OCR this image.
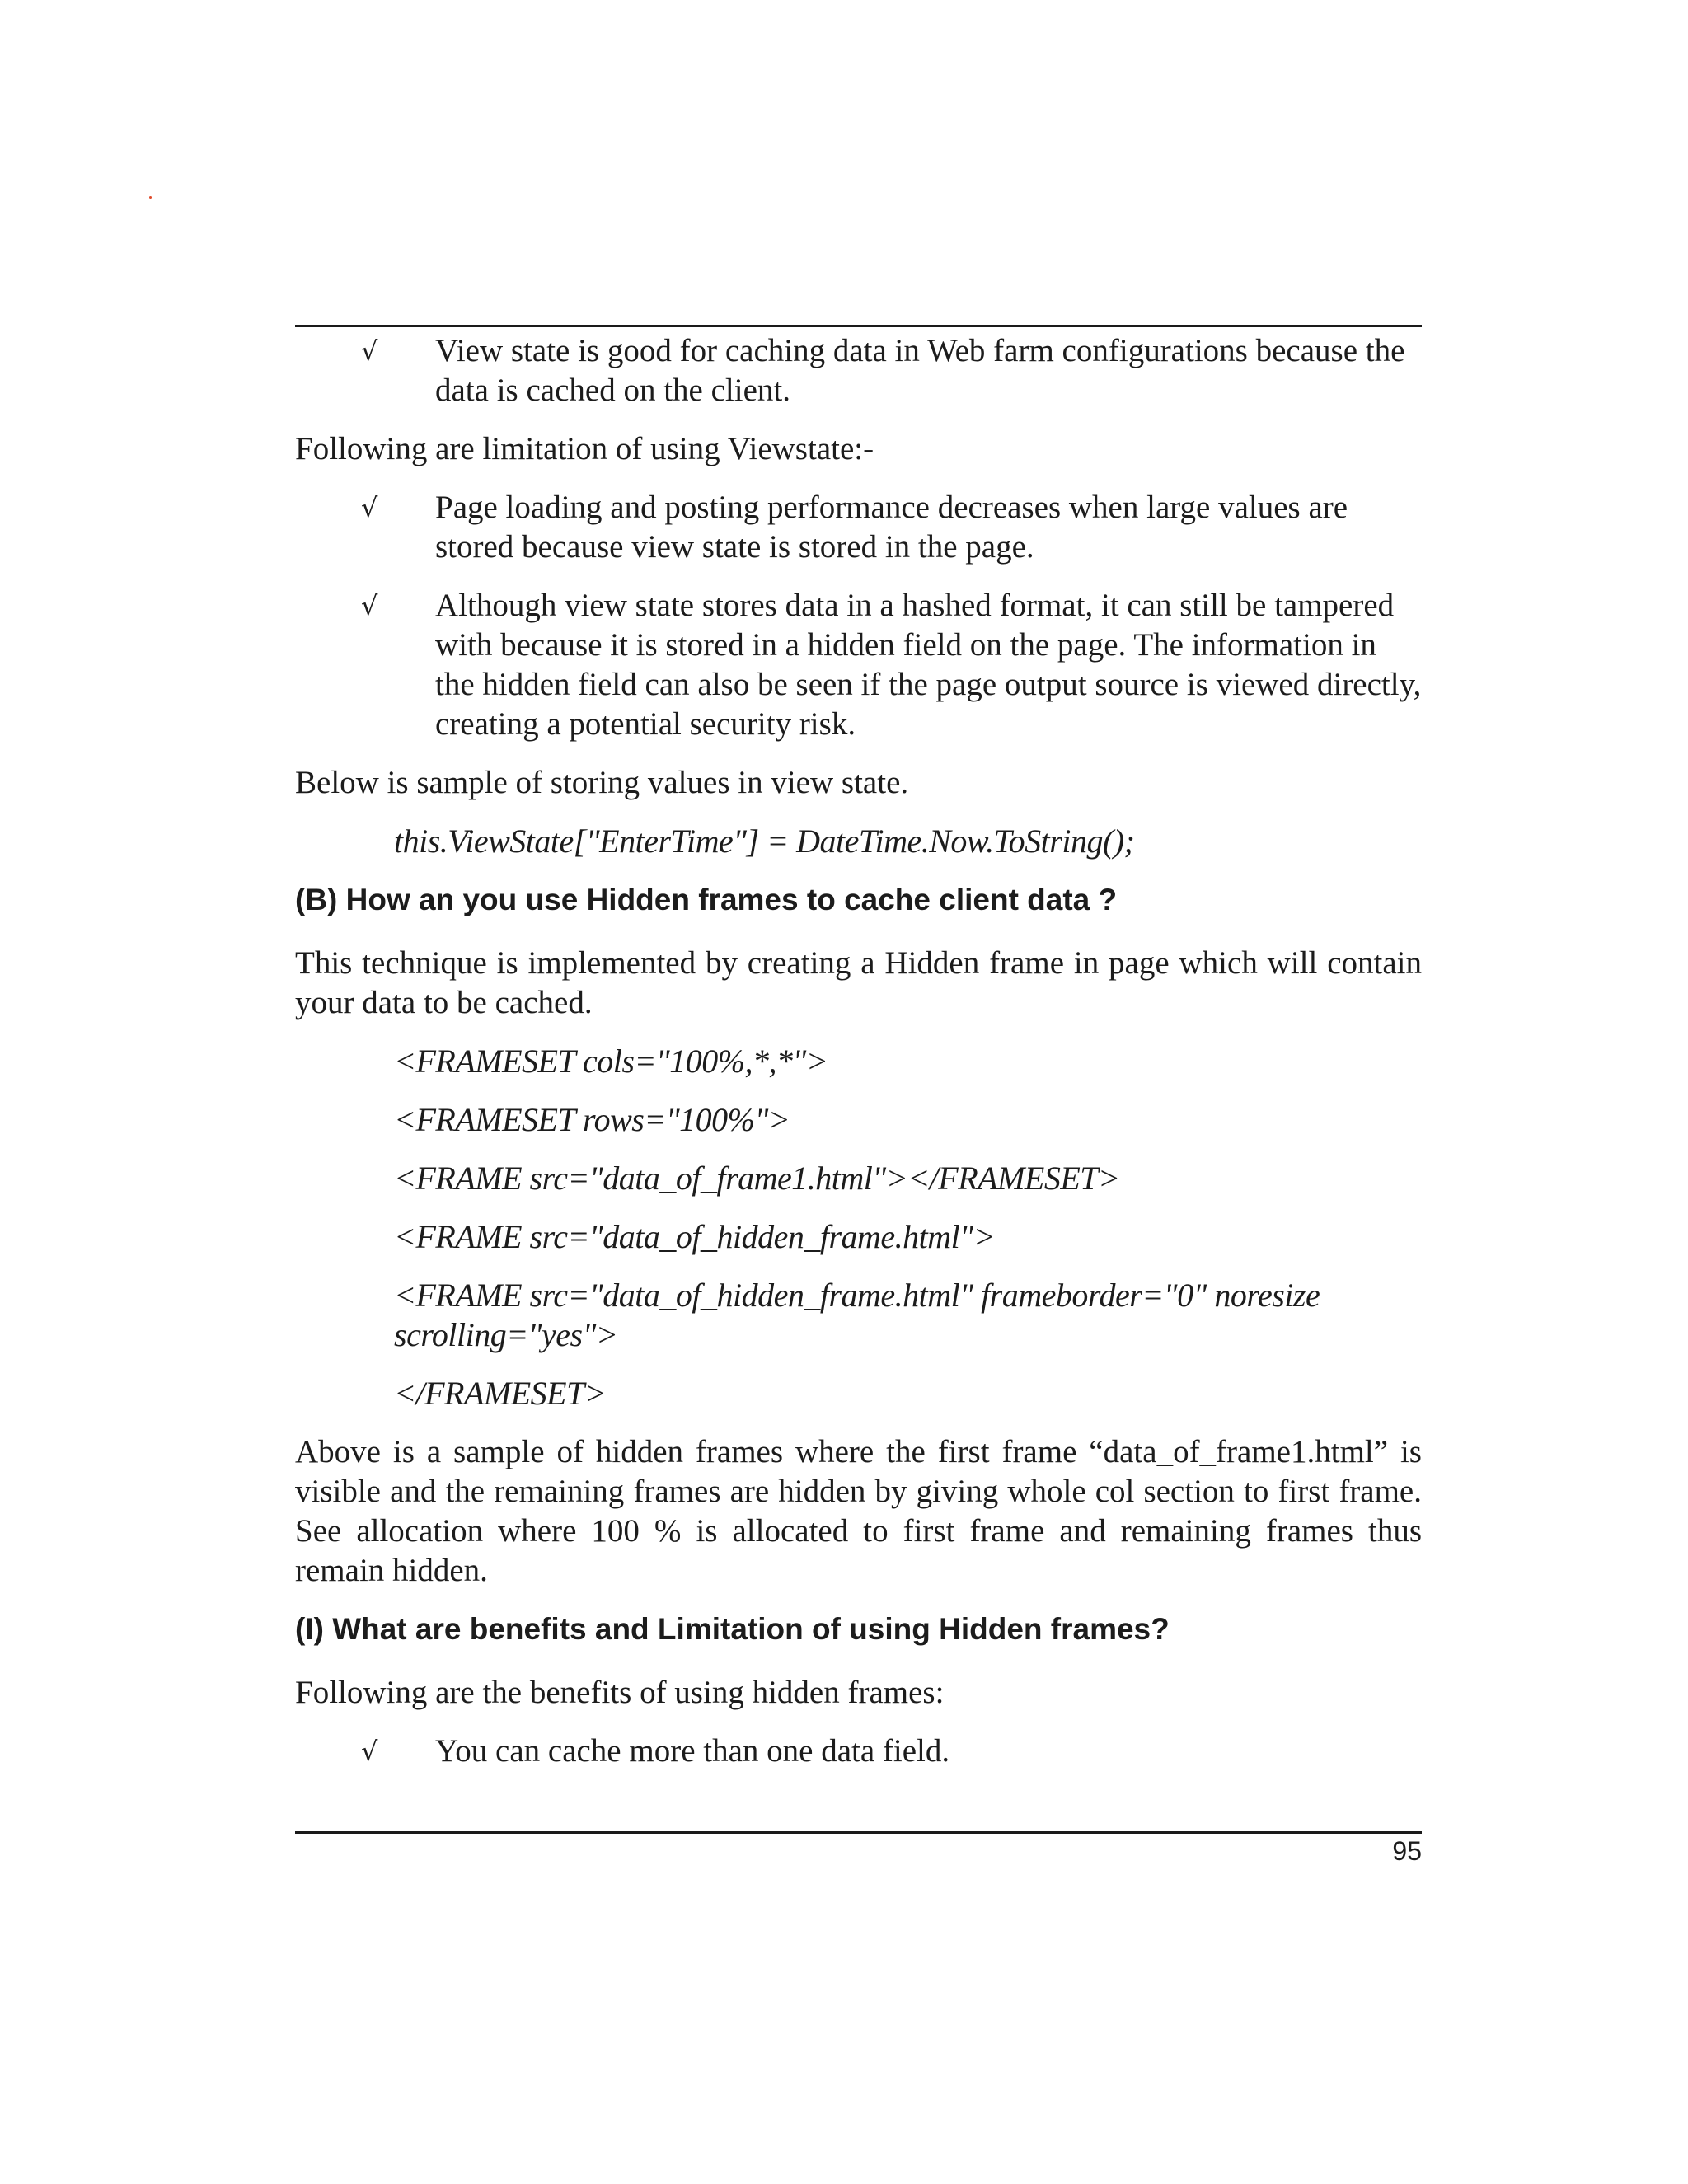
√ View state is good for caching data in Web farm configurations because the data is cached on the client.

Following are limitation of using Viewstate:-

√ Page loading and posting performance decreases when large values are stored because view state is stored in the page.
√ Although view state stores data in a hashed format, it can still be tampered with because it is stored in a hidden field on the page. The information in the hidden field can also be seen if the page output source is viewed directly, creating a potential security risk.

Below is sample of storing values in view state.

this.ViewState["EnterTime"] = DateTime.Now.ToString();

(B) How an you use Hidden frames to cache client data ?

This technique is implemented by creating a Hidden frame in page which will contain your data to be cached.

<FRAMESET cols="100%,*,*">

<FRAMESET rows="100%">

<FRAME src="data_of_frame1.html"></FRAMESET>

<FRAME src="data_of_hidden_frame.html">

<FRAME src="data_of_hidden_frame.html" frameborder="0" noresize scrolling="yes">

</FRAMESET>

Above is a sample of hidden frames where the first frame “data_of_frame1.html” is visible and the remaining frames are hidden by giving whole col section to first frame. See allocation where 100 % is allocated to first frame and remaining frames thus remain hidden.

(I) What are benefits and Limitation of using Hidden frames?

Following are the benefits of using hidden frames:

√ You can cache more than one data field.
95
